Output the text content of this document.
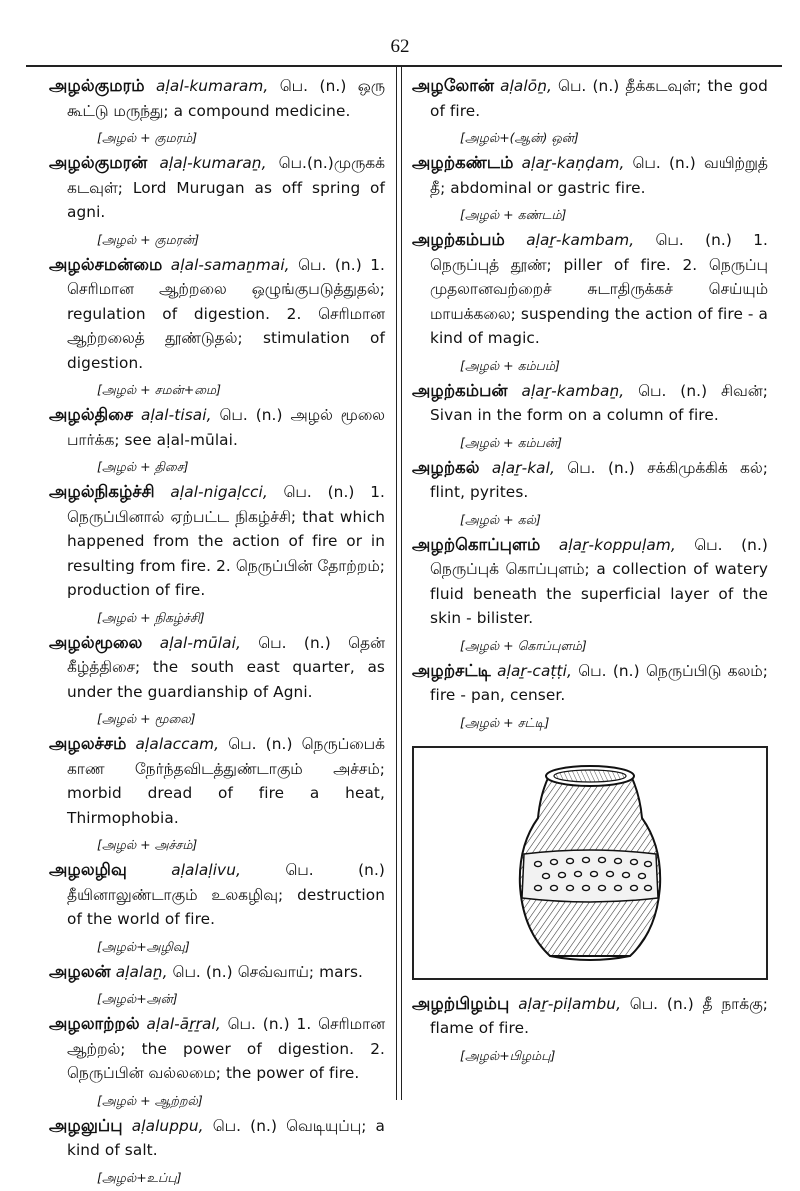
62

அழல்குமரம் aḷal-kumaram, பெ. (n.) ஒரு கூட்டு மருந்து; a compound medicine.

[அழல் + குமரம்]

அழல்குமரன் aḷaḷ-kumaraṉ, பெ.(n.)முருகக் கடவுள்; Lord Murugan as off spring of agni.

[அழல் + குமரன்]

அழல்சமன்மை aḷal-samaṉmai, பெ. (n.) 1. செரிமான ஆற்றலை ஒழுங்குபடுத்துதல்; regulation of digestion. 2. செரிமான ஆற்றலைத் தூண்டுதல்; stimulation of digestion.

[அழல் + சமன்+மை]

அழல்திசை aḷal-tisai, பெ. (n.) அழல் மூலை பார்க்க; see aḷal-mūlai.

[அழல் + திசை]

அழல்நிகழ்ச்சி aḷal-nigaḷcci, பெ. (n.) 1. நெருப்பினால் ஏற்பட்ட நிகழ்ச்சி; that which happened from the action of fire or in resulting from fire. 2. நெருப்பின் தோற்றம்; production of fire.

[அழல் + நிகழ்ச்சி]

அழல்மூலை aḷal-mūlai, பெ. (n.) தென் கீழ்த்திசை; the south east quarter, as under the guardianship of Agni.

[அழல் + மூலை]

அழலச்சம் aḷalaccam, பெ. (n.) நெருப்பைக் காண நேர்ந்தவிடத்துண்டாகும் அச்சம்; morbid dread of fire a heat, Thirmophobia.

[அழல் + அச்சம்]

அழலழிவு	aḷalaḷivu,	பெ. (n.) தீயினாலுண்டாகும் உலகழிவு; destruction of the world of fire.

[அழல்+அழிவு]

அழலன் aḷalaṉ, பெ. (n.) செவ்வாய்; mars.

[அழல்+அன்]

அழலாற்றல் aḷal-āṟṟal, பெ. (n.) 1. செரிமான ஆற்றல்; the power of digestion. 2. நெருப்பின் வல்லமை; the power of fire.

[அழல் + ஆற்றல்]

அழலுப்பு aḷaluppu, பெ. (n.) வெடியுப்பு; a kind of salt.

[அழல்+உப்பு]

அழலோன் aḷalōṉ, பெ. (n.) தீக்கடவுள்; the god of fire.

[அழல்+(ஆன்) ஒன்]

அழற்கண்டம் aḷaṟ-kaṇḍam, பெ. (n.) வயிற்றுத் தீ; abdominal or gastric fire.

[அழல் + கண்டம்]

அழற்கம்பம் aḷaṟ-kambam, பெ. (n.) 1. நெருப்புத் தூண்; piller of fire. 2. நெருப்பு முதலானவற்றைச் சுடாதிருக்கச் செய்யும் மாயக்கலை; suspending the action of fire - a kind of magic.

[அழல் + கம்பம்]

அழற்கம்பன் aḷaṟ-kambaṉ, பெ. (n.) சிவன்; Sivan in the form on a column of fire.

[அழல் + கம்பன்]

அழற்கல் aḷaṟ-kal, பெ. (n.) சக்கிமுக்கிக் கல்; flint, pyrites.

[அழல் + கல்]

அழற்கொப்புளம் aḷaṟ-koppuḷam, பெ. (n.) நெருப்புக் கொப்புளம்; a collection of watery fluid beneath the superficial layer of the skin - bilister.

[அழல் + கொப்புளம்]

அழற்சட்டி aḷaṟ-caṭṭi, பெ. (n.) நெருப்பிடு கலம்; fire - pan, censer.

[அழல் + சட்டி]

அழற்பிழம்பு aḷaṟ-piḷambu, பெ. (n.) தீ நாக்கு; flame of fire.

[அழல்+பிழம்பு]
